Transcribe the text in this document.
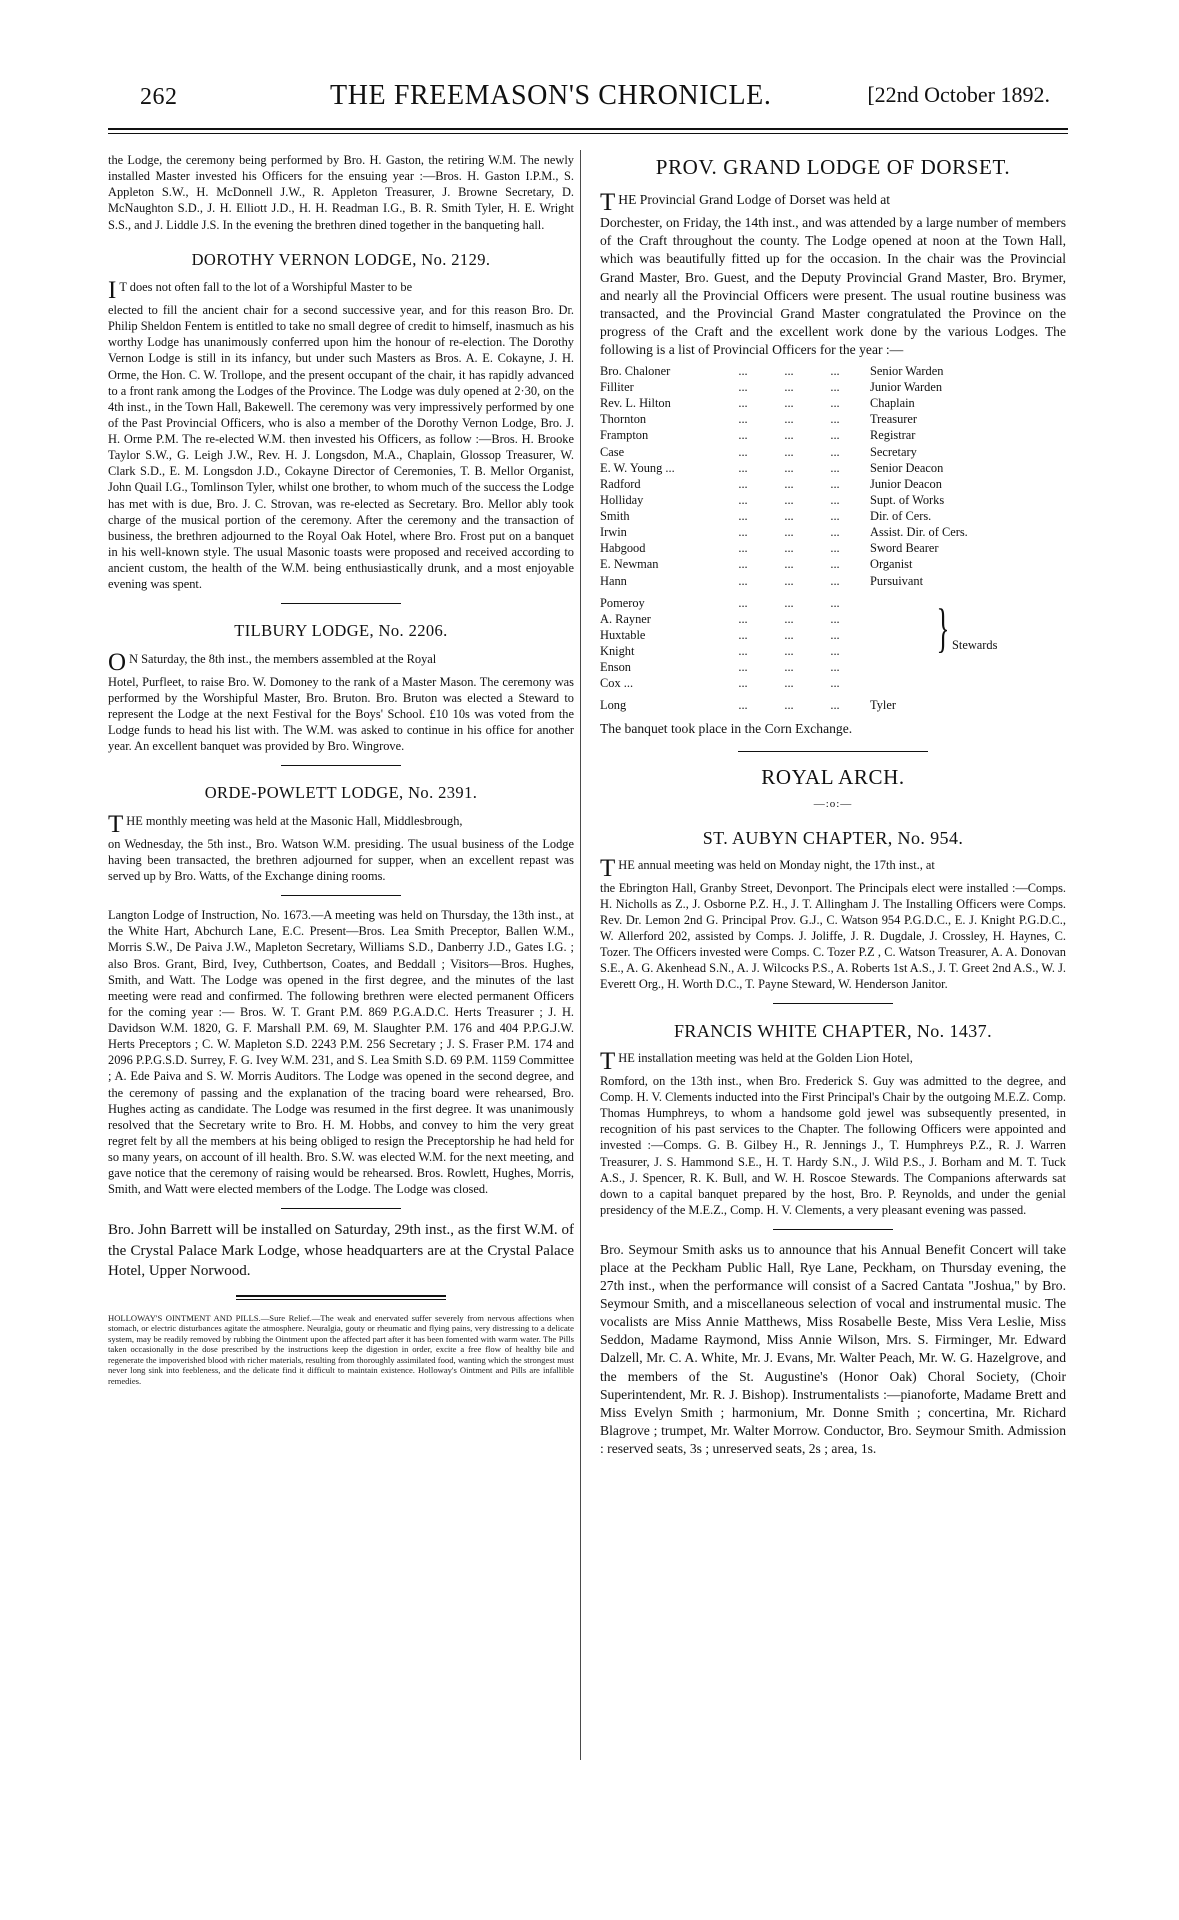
262	THE FREEMASON'S CHRONICLE.	[22nd October 1892.

the Lodge, the ceremony being performed by Bro. H. Gaston, the retiring W.M. The newly installed Master invested his Officers for the ensuing year :—Bros. H. Gaston I.P.M., S. Appleton S.W., H. McDonnell J.W., R. Appleton Treasurer, J. Browne Secretary, D. McNaughton S.D., J. H. Elliott J.D., H. H. Readman I.G., B. R. Smith Tyler, H. E. Wright S.S., and J. Liddle J.S. In the evening the brethren dined together in the banqueting hall.

DOROTHY VERNON LODGE, No. 2129.

I T does not often fall to the lot of a Worshipful Master to be

elected to fill the ancient chair for a second successive year, and for this reason Bro. Dr. Philip Sheldon Fentem is entitled to take no small degree of credit to himself, inasmuch as his worthy Lodge has unanimously conferred upon him the honour of re-election. The Dorothy Vernon Lodge is still in its infancy, but under such Masters as Bros. A. E. Cokayne, J. H. Orme, the Hon. C. W. Trollope, and the present occupant of the chair, it has rapidly advanced to a front rank among the Lodges of the Province. The Lodge was duly opened at 2·30, on the 4th inst., in the Town Hall, Bakewell. The ceremony was very impressively performed by one of the Past Provincial Officers, who is also a member of the Dorothy Vernon Lodge, Bro. J. H. Orme P.M. The re-elected W.M. then invested his Officers, as follow :—Bros. H. Brooke Taylor S.W., G. Leigh J.W., Rev. H. J. Longsdon, M.A., Chaplain, Glossop Treasurer, W. Clark S.D., E. M. Longsdon J.D., Cokayne Director of Ceremonies, T. B. Mellor Organist, John Quail I.G., Tomlinson Tyler, whilst one brother, to whom much of the success the Lodge has met with is due, Bro. J. C. Strovan, was re-elected as Secretary. Bro. Mellor ably took charge of the musical portion of the ceremony. After the ceremony and the transaction of business, the brethren adjourned to the Royal Oak Hotel, where Bro. Frost put on a banquet in his well-known style. The usual Masonic toasts were proposed and received according to ancient custom, the health of the W.M. being enthusiastically drunk, and a most enjoyable evening was spent.

TILBURY LODGE, No. 2206.

O N Saturday, the 8th inst., the members assembled at the Royal

Hotel, Purfleet, to raise Bro. W. Domoney to the rank of a Master Mason. The ceremony was performed by the Worshipful Master, Bro. Bruton. Bro. Bruton was elected a Steward to represent the Lodge at the next Festival for the Boys' School. £10 10s was voted from the Lodge funds to head his list with. The W.M. was asked to continue in his office for another year. An excellent banquet was provided by Bro. Wingrove.

ORDE-POWLETT LODGE, No. 2391.

T HE monthly meeting was held at the Masonic Hall, Middlesbrough,

on Wednesday, the 5th inst., Bro. Watson W.M. presiding. The usual business of the Lodge having been transacted, the brethren adjourned for supper, when an excellent repast was served up by Bro. Watts, of the Exchange dining rooms.

Langton Lodge of Instruction, No. 1673.—A meeting was held on Thursday, the 13th inst., at the White Hart, Abchurch Lane, E.C. Present—Bros. Lea Smith Preceptor, Ballen W.M., Morris S.W., De Paiva J.W., Mapleton Secretary, Williams S.D., Danberry J.D., Gates I.G. ; also Bros. Grant, Bird, Ivey, Cuthbertson, Coates, and Beddall ; Visitors—Bros. Hughes, Smith, and Watt. The Lodge was opened in the first degree, and the minutes of the last meeting were read and confirmed. The following brethren were elected permanent Officers for the coming year :— Bros. W. T. Grant P.M. 869 P.G.A.D.C. Herts Treasurer ; J. H. Davidson W.M. 1820, G. F. Marshall P.M. 69, M. Slaughter P.M. 176 and 404 P.P.G.J.W. Herts Preceptors ; C. W. Mapleton S.D. 2243 P.M. 256 Secretary ; J. S. Fraser P.M. 174 and 2096 P.P.G.S.D. Surrey, F. G. Ivey W.M. 231, and S. Lea Smith S.D. 69 P.M. 1159 Committee ; A. Ede Paiva and S. W. Morris Auditors. The Lodge was opened in the second degree, and the ceremony of passing and the explanation of the tracing board were rehearsed, Bro. Hughes acting as candidate. The Lodge was resumed in the first degree. It was unanimously resolved that the Secretary write to Bro. H. M. Hobbs, and convey to him the very great regret felt by all the members at his being obliged to resign the Preceptorship he had held for so many years, on account of ill health. Bro. S.W. was elected W.M. for the next meeting, and gave notice that the ceremony of raising would be rehearsed. Bros. Rowlett, Hughes, Morris, Smith, and Watt were elected members of the Lodge. The Lodge was closed.

Bro. John Barrett will be installed on Saturday, 29th inst., as the first W.M. of the Crystal Palace Mark Lodge, whose headquarters are at the Crystal Palace Hotel, Upper Norwood.

HOLLOWAY'S OINTMENT AND PILLS.—Sure Relief.—The weak and enervated suffer severely from nervous affections when stomach, or electric disturbances agitate the atmosphere. Neuralgia, gouty or rheumatic and flying pains, very distressing to a delicate system, may be readily removed by rubbing the Ointment upon the affected part after it has been fomented with warm water. The Pills taken occasionally in the dose prescribed by the instructions keep the digestion in order, excite a free flow of healthy bile and regenerate the impoverished blood with richer materials, resulting from thoroughly assimilated food, wanting which the strongest must never long sink into feebleness, and the delicate find it difficult to maintain existence. Holloway's Ointment and Pills are infallible remedies.

PROV. GRAND LODGE OF DORSET.

T HE Provincial Grand Lodge of Dorset was held at

Dorchester, on Friday, the 14th inst., and was attended by a large number of members of the Craft throughout the county. The Lodge opened at noon at the Town Hall, which was beautifully fitted up for the occasion. In the chair was the Provincial Grand Master, Bro. Guest, and the Deputy Provincial Grand Master, Bro. Brymer, and nearly all the Provincial Officers were present. The usual routine business was transacted, and the Provincial Grand Master congratulated the Province on the progress of the Craft and the excellent work done by the various Lodges. The following is a list of Provincial Officers for the year :—

Bro. Chaloner	...	...	...	Senior Warden
Filliter	...	...	...	Junior Warden
Rev. L. Hilton	...	...	...	Chaplain
Thornton	...	...	...	Treasurer
Frampton	...	...	...	Registrar
Case	...	...	...	Secretary
E. W. Young ...	...	...	...	Senior Deacon
Radford	...	...	...	Junior Deacon
Holliday	...	...	...	Supt. of Works
Smith	...	...	...	Dir. of Cers.
Irwin	...	...	...	Assist. Dir. of Cers.
Habgood	...	...	...	Sword Bearer
E. Newman	...	...	...	Organist
Hann	...	...	...	Pursuivant
Pomeroy	...	...	...	
A. Rayner	...	...	...	
Huxtable	...	...	...	
Knight	...	...	...	
Enson	...	...	...	
Cox ...	...	...	...	
} Stewards
Long	...	...	...	Tyler

The banquet took place in the Corn Exchange.

ROYAL ARCH.
—:o:—
ST. AUBYN CHAPTER, No. 954.

T HE annual meeting was held on Monday night, the 17th inst., at

the Ebrington Hall, Granby Street, Devonport. The Principals elect were installed :—Comps. H. Nicholls as Z., J. Osborne P.Z. H., J. T. Allingham J. The Installing Officers were Comps. Rev. Dr. Lemon 2nd G. Principal Prov. G.J., C. Watson 954 P.G.D.C., E. J. Knight P.G.D.C., W. Allerford 202, assisted by Comps. J. Joliffe, J. R. Dugdale, J. Crossley, H. Haynes, C. Tozer. The Officers invested were Comps. C. Tozer P.Z , C. Watson Treasurer, A. A. Donovan S.E., A. G. Akenhead S.N., A. J. Wilcocks P.S., A. Roberts 1st A.S., J. T. Greet 2nd A.S., W. J. Everett Org., H. Worth D.C., T. Payne Steward, W. Henderson Janitor.

FRANCIS WHITE CHAPTER, No. 1437.

T HE installation meeting was held at the Golden Lion Hotel,

Romford, on the 13th inst., when Bro. Frederick S. Guy was admitted to the degree, and Comp. H. V. Clements inducted into the First Principal's Chair by the outgoing M.E.Z. Comp. Thomas Humphreys, to whom a handsome gold jewel was subsequently presented, in recognition of his past services to the Chapter. The following Officers were appointed and invested :—Comps. G. B. Gilbey H., R. Jennings J., T. Humphreys P.Z., R. J. Warren Treasurer, J. S. Hammond S.E., H. T. Hardy S.N., J. Wild P.S., J. Borham and M. T. Tuck A.S., J. Spencer, R. K. Bull, and W. H. Roscoe Stewards. The Companions afterwards sat down to a capital banquet prepared by the host, Bro. P. Reynolds, and under the genial presidency of the M.E.Z., Comp. H. V. Clements, a very pleasant evening was passed.

Bro. Seymour Smith asks us to announce that his Annual Benefit Concert will take place at the Peckham Public Hall, Rye Lane, Peckham, on Thursday evening, the 27th inst., when the performance will consist of a Sacred Cantata "Joshua," by Bro. Seymour Smith, and a miscellaneous selection of vocal and instrumental music. The vocalists are Miss Annie Matthews, Miss Rosabelle Beste, Miss Vera Leslie, Miss Seddon, Madame Raymond, Miss Annie Wilson, Mrs. S. Firminger, Mr. Edward Dalzell, Mr. C. A. White, Mr. J. Evans, Mr. Walter Peach, Mr. W. G. Hazelgrove, and the members of the St. Augustine's (Honor Oak) Choral Society, (Choir Superintendent, Mr. R. J. Bishop). Instrumentalists :—pianoforte, Madame Brett and Miss Evelyn Smith ; harmonium, Mr. Donne Smith ; concertina, Mr. Richard Blagrove ; trumpet, Mr. Walter Morrow. Conductor, Bro. Seymour Smith. Admission : reserved seats, 3s ; unreserved seats, 2s ; area, 1s.
